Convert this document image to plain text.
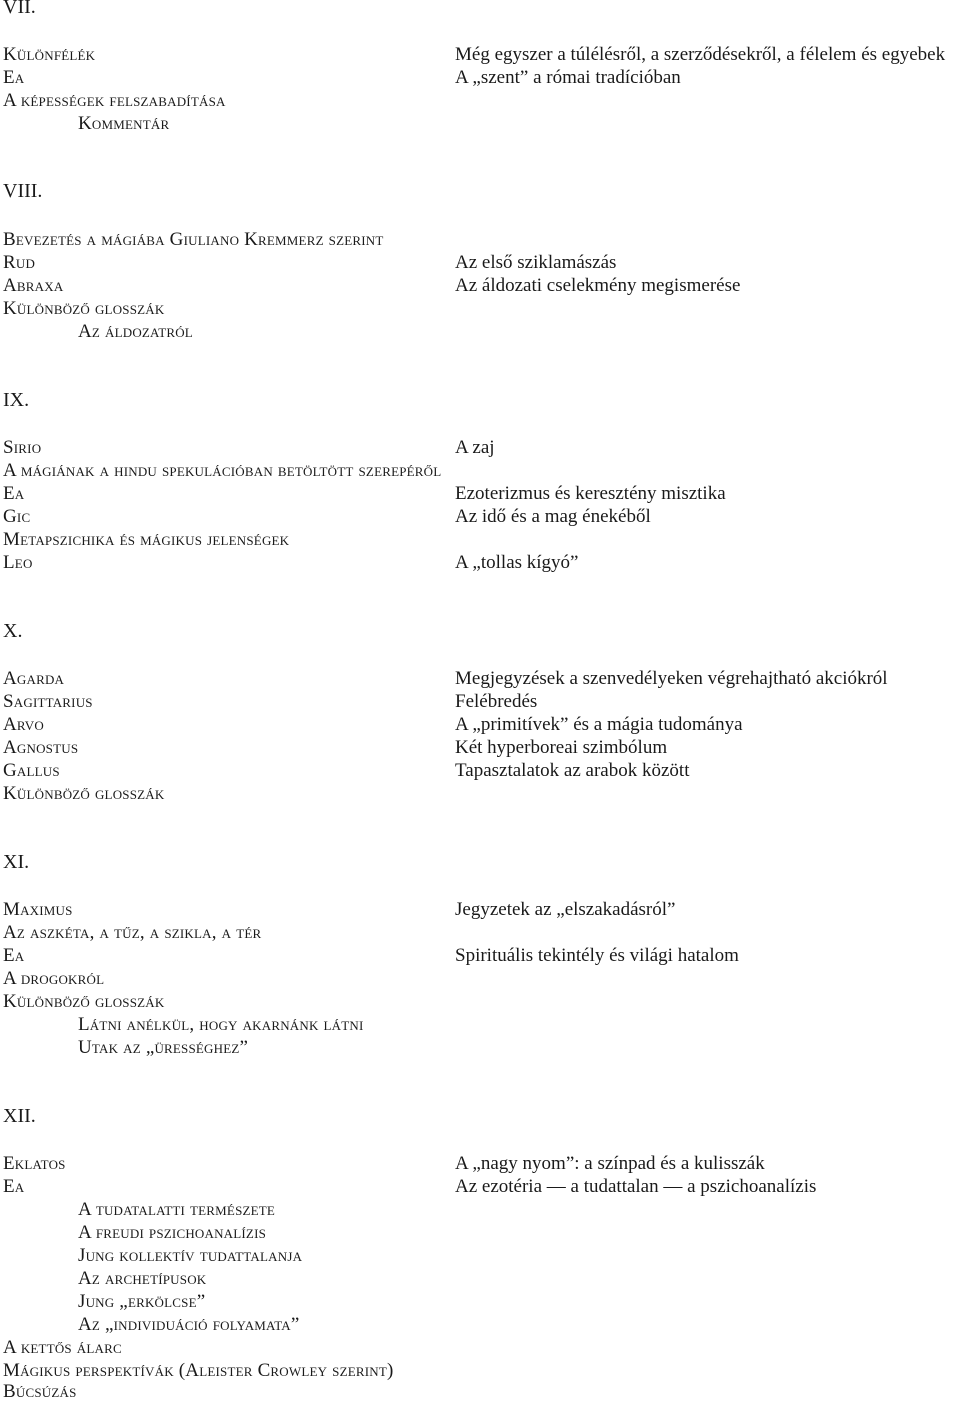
VII.
Különfélék
Ea
A képességek felszabadítása
Kommentár
Még egyszer a túlélésről, a szerződésekről, a félelem és egyebek
A „szent” a római tradícióban
VIII.
Bevezetés a mágiába Giuliano Kremmerz szerint
Rud
Abraxa
Különböző glosszák
Az áldozatról
Az első sziklamászás
Az áldozati cselekmény megismerése
IX.
Sirio
A mágiának a hindu spekulációban betöltött szerepéről
Ea
Gic
Metapszichika és mágikus jelenségek
Leo
A zaj
Ezoterizmus és keresztény misztika
Az idő és a mag énekéből
A „tollas kígyó”
X.
Agarda
Sagittarius
Arvo
Agnostus
Gallus
Különböző glosszák
Megjegyzések a szenvedélyeken végrehajtható akciókról
Felébredés
A „primitívek” és a mágia tudománya
Két hyperboreai szimbólum
Tapasztalatok az arabok között
XI.
Maximus
Az aszkéta, a tűz, a szikla, a tér
Ea
A drogokról
Különböző glosszák
Látni anélkül, hogy akarnánk látni
Utak az „ürességhez”
Jegyzetek az „elszakadásról”
Spirituális tekintély és világi hatalom
XII.
Eklatos
Ea
A tudatalatti természete
A freudi pszichoanalízis
Jung kollektív tudattalanja
Az archetípusok
Jung „erkölcse”
Az „individuáció folyamata”
A kettős álarc
Mágikus perspektívák (Aleister Crowley szerint)
Búcsúzás
A „nagy nyom”: a színpad és a kulisszák
Az ezotéria — a tudattalan — a pszichoanalízis
